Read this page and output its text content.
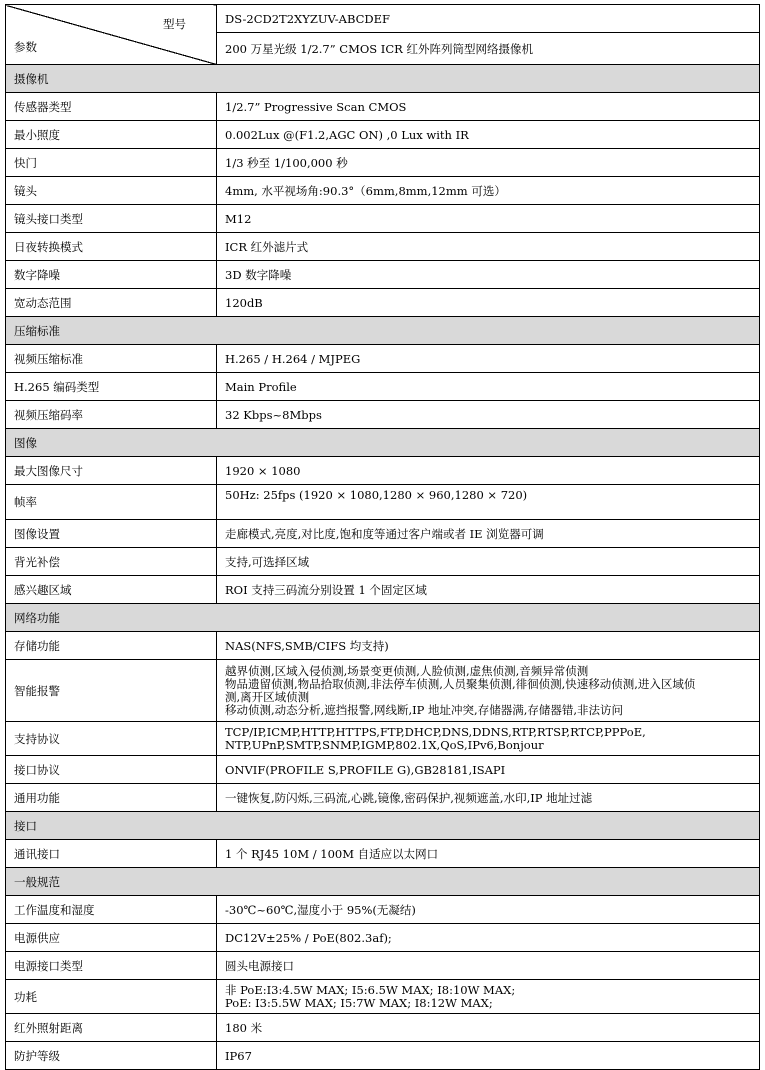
型号
参数	DS-2CD2T2XYZUV-ABCDEF
	200 万星光级 1/2.7” CMOS ICR 红外阵列筒型网络摄像机
摄像机	
传感器类型	1/2.7” Progressive Scan CMOS
最小照度	0.002Lux @(F1.2,AGC ON) ,0 Lux with IR
快门	1/3 秒至 1/100,000 秒
镜头	4mm, 水平视场角:90.3°（6mm,8mm,12mm 可选）
镜头接口类型	M12
日夜转换模式	ICR 红外滤片式
数字降噪	3D 数字降噪
宽动态范围	120dB
压缩标准	
视频压缩标准	H.265 / H.264 / MJPEG
H.265 编码类型	Main Profile
视频压缩码率	32 Kbps~8Mbps
图像	
最大图像尺寸	1920 × 1080
帧率	50Hz: 25fps (1920 × 1080,1280 × 960,1280 × 720)
图像设置	走廊模式,亮度,对比度,饱和度等通过客户端或者 IE 浏览器可调
背光补偿	支持,可选择区域
感兴趣区域	ROI 支持三码流分别设置 1 个固定区域
网络功能	
存储功能	NAS(NFS,SMB/CIFS 均支持)
智能报警	越界侦测,区域入侵侦测,场景变更侦测,人脸侦测,虚焦侦测,音频异常侦测
物品遗留侦测,物品拾取侦测,非法停车侦测,人员聚集侦测,徘徊侦测,快速移动侦测,进入区域侦
测,离开区域侦测
移动侦测,动态分析,遮挡报警,网线断,IP 地址冲突,存储器满,存储器错,非法访问

支持协议	TCP/IP,ICMP,HTTP,HTTPS,FTP,DHCP,DNS,DDNS,RTP,RTSP,RTCP,PPPoE,
NTP,UPnP,SMTP,SNMP,IGMP,802.1X,QoS,IPv6,Bonjour

接口协议	ONVIF(PROFILE S,PROFILE G),GB28181,ISAPI
通用功能	一键恢复,防闪烁,三码流,心跳,镜像,密码保护,视频遮盖,水印,IP 地址过滤
接口	
通讯接口	1 个 RJ45 10M / 100M 自适应以太网口
一般规范	
工作温度和湿度	-30℃~60℃,湿度小于 95%(无凝结)
电源供应	DC12V±25% / PoE(802.3af);
电源接口类型	圆头电源接口
功耗	非 PoE:I3:4.5W MAX; I5:6.5W MAX; I8:10W MAX;
PoE: I3:5.5W MAX; I5:7W MAX; I8:12W MAX;

红外照射距离	180 米
防护等级	IP67
